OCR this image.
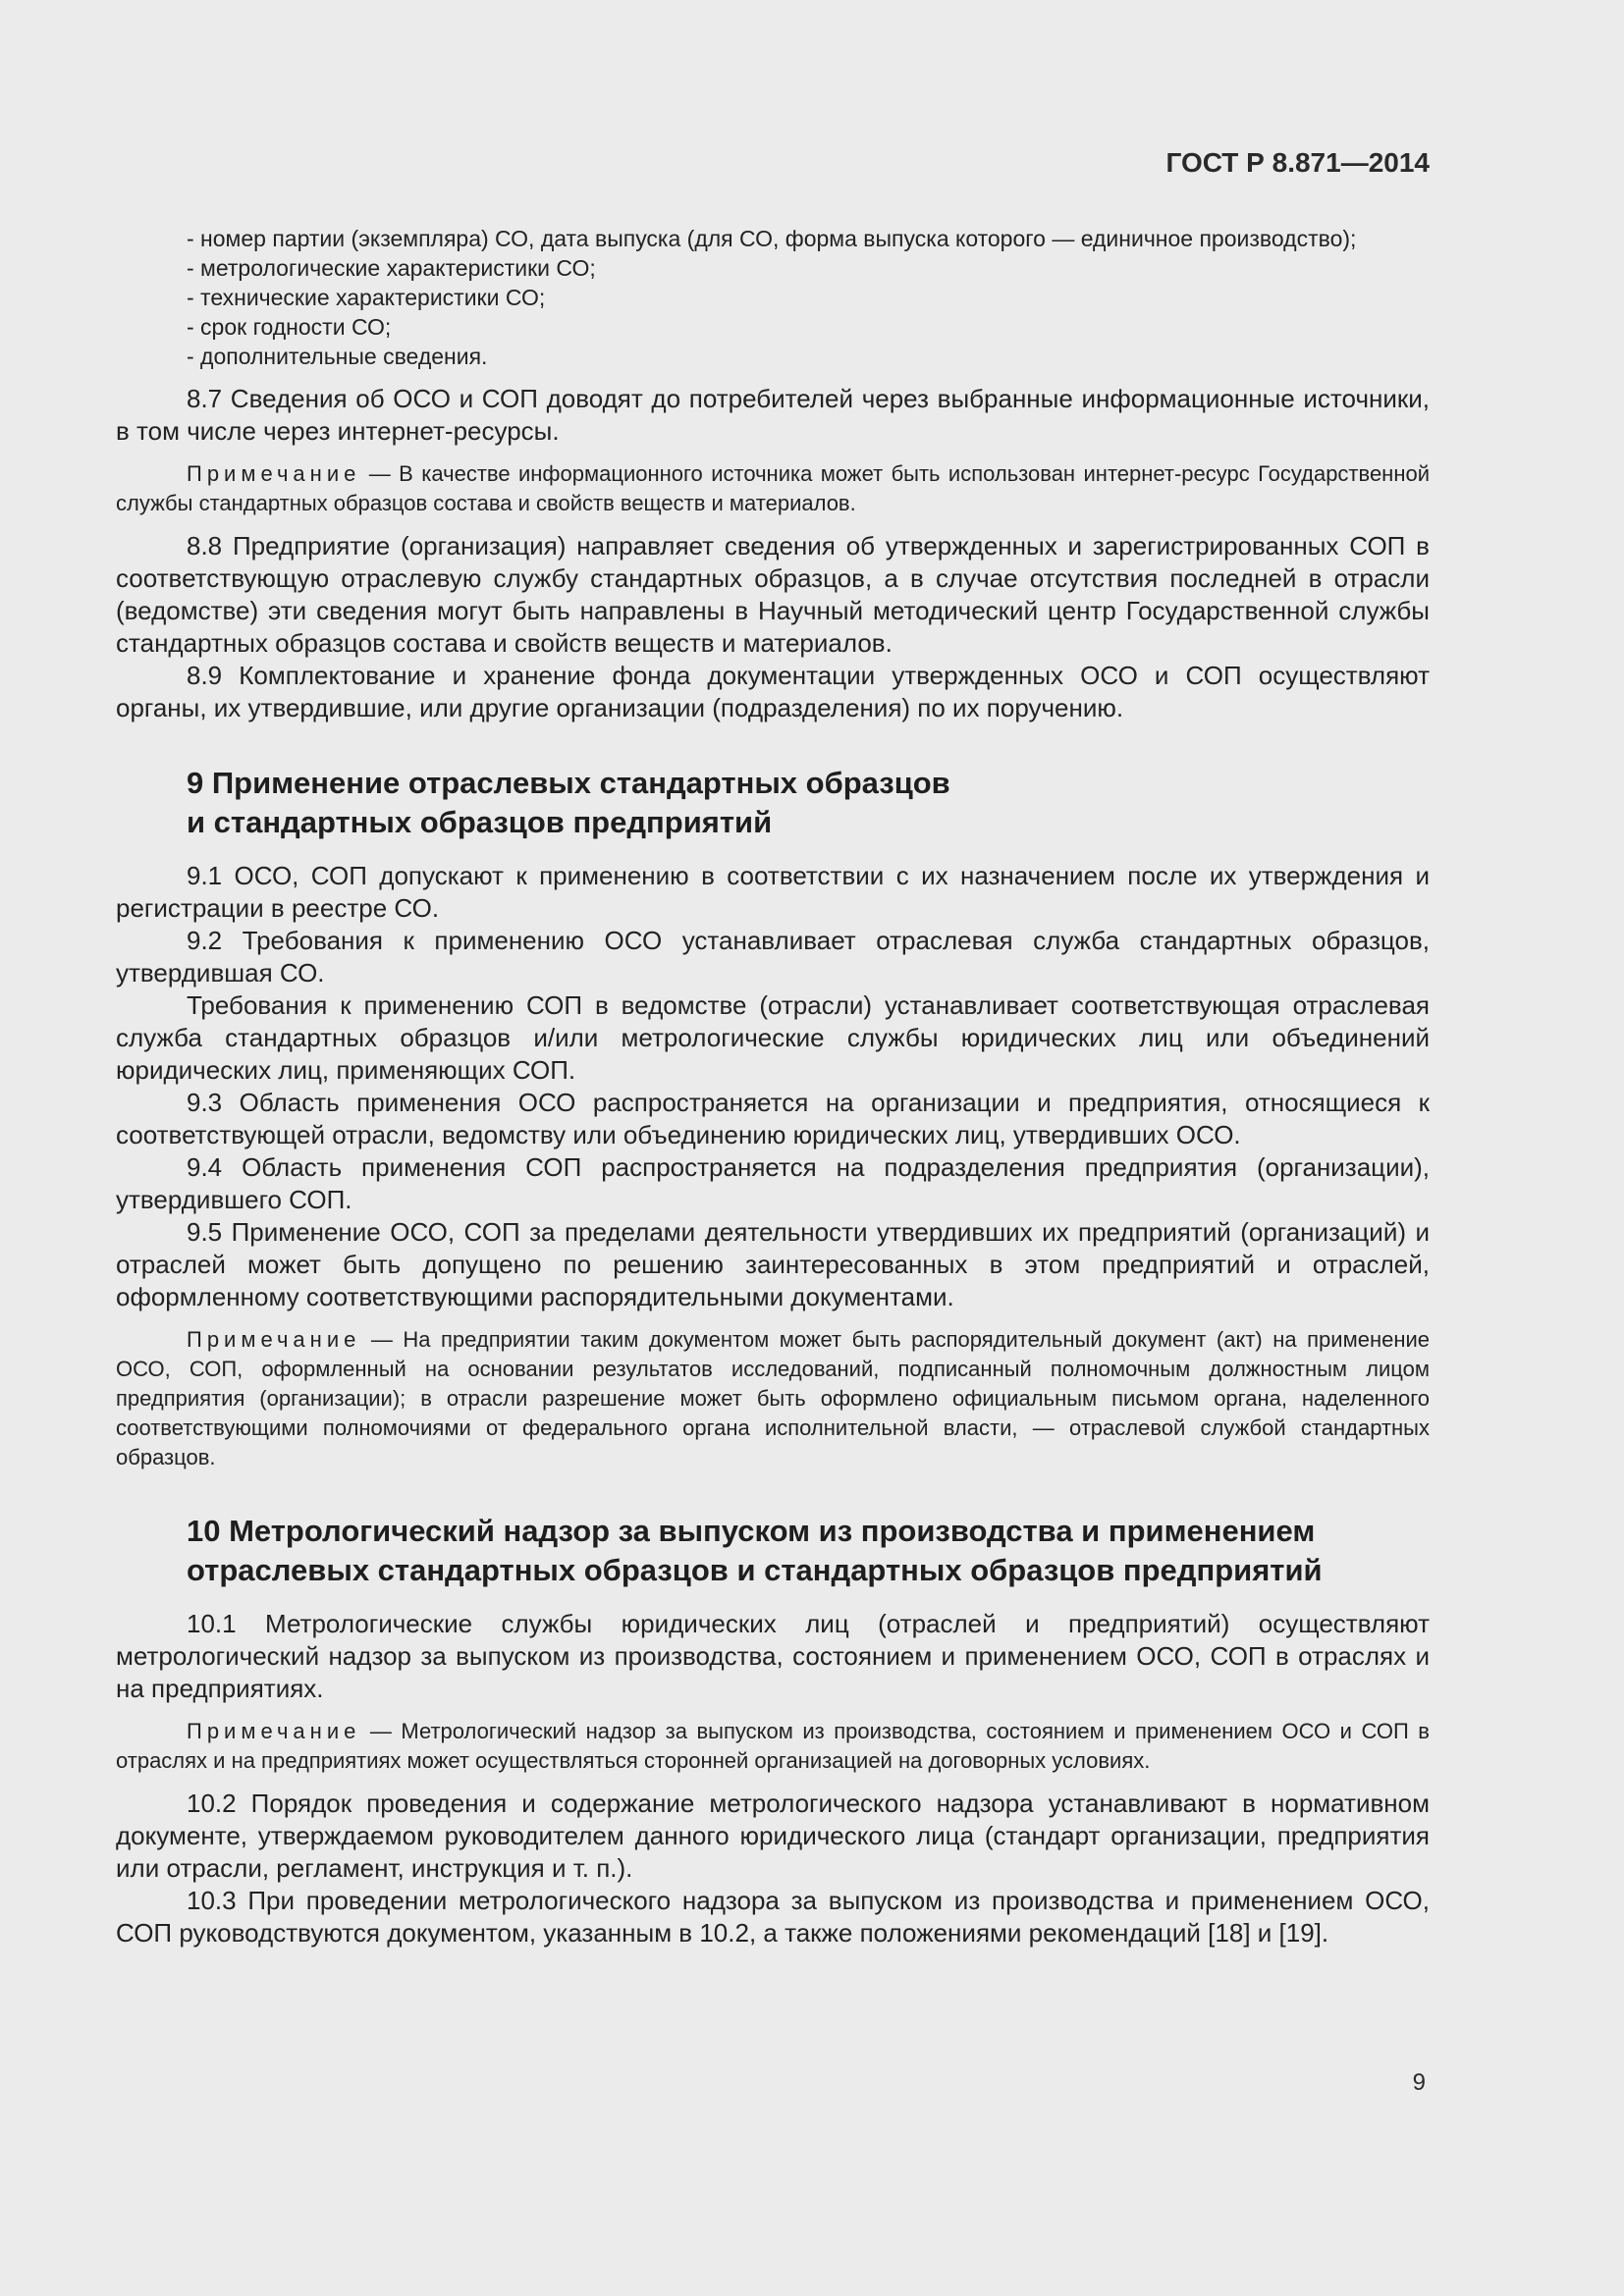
ГОСТ Р 8.871—2014
- номер партии (экземпляра) СО, дата выпуска (для СО, форма выпуска которого — единичное производство);
- метрологические характеристики СО;
- технические характеристики СО;
- срок годности СО;
- дополнительные сведения.

8.7 Сведения об ОСО и СОП доводят до потребителей через выбранные информационные источники, в том числе через интернет-ресурсы.

Примечание — В качестве информационного источника может быть использован интернет-ресурс Государственной службы стандартных образцов состава и свойств веществ и материалов.

8.8 Предприятие (организация) направляет сведения об утвержденных и зарегистрированных СОП в соответствующую отраслевую службу стандартных образцов, а в случае отсутствия последней в отрасли (ведомстве) эти сведения могут быть направлены в Научный методический центр Государственной службы стандартных образцов состава и свойств веществ и материалов.

8.9 Комплектование и хранение фонда документации утвержденных ОСО и СОП осуществляют органы, их утвердившие, или другие организации (подразделения) по их поручению.

9 Применение отраслевых стандартных образцов
и стандартных образцов предприятий

9.1 ОСО, СОП допускают к применению в соответствии с их назначением после их утверждения и регистрации в реестре СО.

9.2 Требования к применению ОСО устанавливает отраслевая служба стандартных образцов, утвердившая СО.

Требования к применению СОП в ведомстве (отрасли) устанавливает соответствующая отраслевая служба стандартных образцов и/или метрологические службы юридических лиц или объединений юридических лиц, применяющих СОП.

9.3 Область применения ОСО распространяется на организации и предприятия, относящиеся к соответствующей отрасли, ведомству или объединению юридических лиц, утвердивших ОСО.

9.4 Область применения СОП распространяется на подразделения предприятия (организации), утвердившего СОП.

9.5 Применение ОСО, СОП за пределами деятельности утвердивших их предприятий (организаций) и отраслей может быть допущено по решению заинтересованных в этом предприятий и отраслей, оформленному соответствующими распорядительными документами.

Примечание — На предприятии таким документом может быть распорядительный документ (акт) на применение ОСО, СОП, оформленный на основании результатов исследований, подписанный полномочным должностным лицом предприятия (организации); в отрасли разрешение может быть оформлено официальным письмом органа, наделенного соответствующими полномочиями от федерального органа исполнительной власти, — отраслевой службой стандартных образцов.

10 Метрологический надзор за выпуском из производства и применением
отраслевых стандартных образцов и стандартных образцов предприятий

10.1 Метрологические службы юридических лиц (отраслей и предприятий) осуществляют метрологический надзор за выпуском из производства, состоянием и применением ОСО, СОП в отраслях и на предприятиях.

Примечание — Метрологический надзор за выпуском из производства, состоянием и применением ОСО и СОП в отраслях и на предприятиях может осуществляться сторонней организацией на договорных условиях.

10.2 Порядок проведения и содержание метрологического надзора устанавливают в нормативном документе, утверждаемом руководителем данного юридического лица (стандарт организации, предприятия или отрасли, регламент, инструкция и т. п.).

10.3 При проведении метрологического надзора за выпуском из производства и применением ОСО, СОП руководствуются документом, указанным в 10.2, а также положениями рекомендаций [18] и [19].

9
